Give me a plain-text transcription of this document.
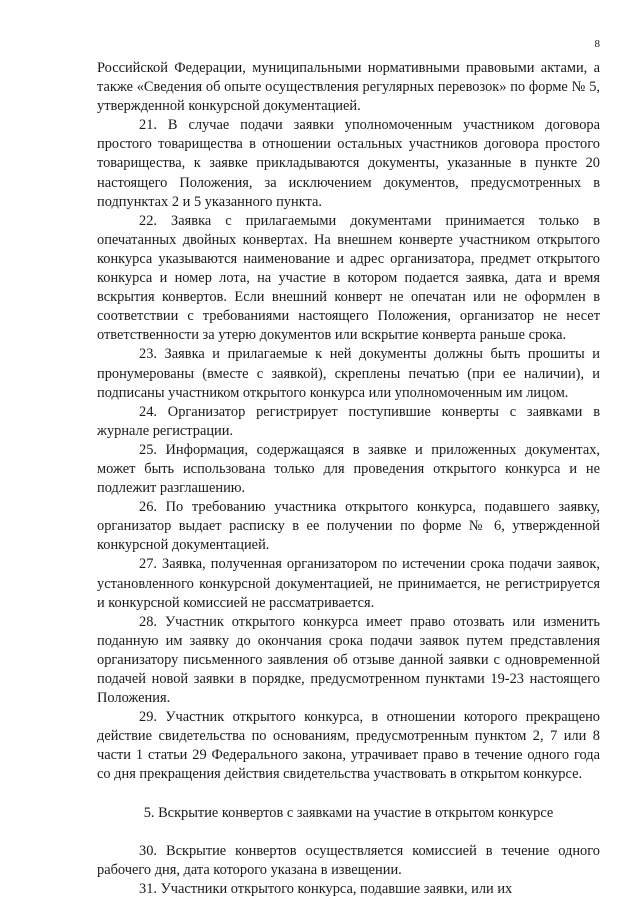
8

Российской Федерации, муниципальными нормативными правовыми актами, а также «Сведения об опыте осуществления регулярных перевозок» по форме № 5, утвержденной конкурсной документацией.

21. В случае подачи заявки уполномоченным участником договора простого товарищества в отношении остальных участников договора простого товарищества, к заявке прикладываются документы, указанные в пункте 20 настоящего Положения, за исключением документов, предусмотренных в подпунктах 2 и 5 указанного пункта.

22. Заявка с прилагаемыми документами принимается только в опечатанных двойных конвертах. На внешнем конверте участником открытого конкурса указываются наименование и адрес организатора, предмет открытого конкурса и номер лота, на участие в котором подается заявка, дата и время вскрытия конвертов. Если внешний конверт не опечатан или не оформлен в соответствии с требованиями настоящего Положения, организатор не несет ответственности за утерю документов или вскрытие конверта раньше срока.

23. Заявка и прилагаемые к ней документы должны быть прошиты и пронумерованы (вместе с заявкой), скреплены печатью (при ее наличии), и подписаны участником открытого конкурса или уполномоченным им лицом.

24. Организатор регистрирует поступившие конверты с заявками в журнале регистрации.

25. Информация, содержащаяся в заявке и приложенных документах, может быть использована только для проведения открытого конкурса и не подлежит разглашению.

26. По требованию участника открытого конкурса, подавшего заявку, организатор выдает расписку в ее получении по форме № 6, утвержденной конкурсной документацией.

27. Заявка, полученная организатором по истечении срока подачи заявок, установленного конкурсной документацией, не принимается, не регистрируется и конкурсной комиссией не рассматривается.

28. Участник открытого конкурса имеет право отозвать или изменить поданную им заявку до окончания срока подачи заявок путем представления организатору письменного заявления об отзыве данной заявки с одновременной подачей новой заявки в порядке, предусмотренном пунктами 19-23 настоящего Положения.

29. Участник открытого конкурса, в отношении которого прекращено действие свидетельства по основаниям, предусмотренным пунктом 2, 7 или 8 части 1 статьи 29 Федерального закона, утрачивает право в течение одного года со дня прекращения действия свидетельства участвовать в открытом конкурсе.

5. Вскрытие конвертов с заявками на участие в открытом конкурсе

30. Вскрытие конвертов осуществляется комиссией в течение одного рабочего дня, дата которого указана в извещении.

31. Участники открытого конкурса, подавшие заявки, или их
